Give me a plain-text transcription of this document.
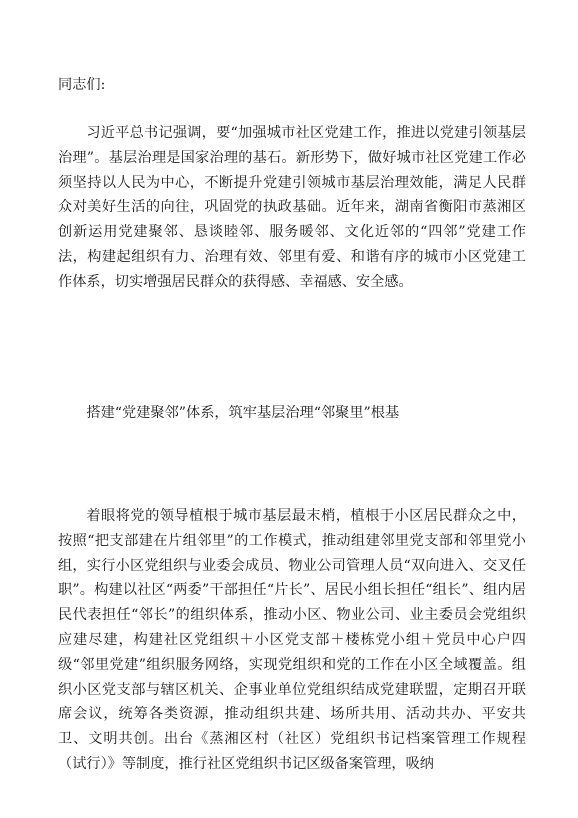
同志们:

习近平总书记强调，要“加强城市社区党建工作，推进以党建引领基层治理”。基层治理是国家治理的基石。新形势下，做好城市社区党建工作必须坚持以人民为中心，不断提升党建引领城市基层治理效能，满足人民群众对美好生活的向往，巩固党的执政基础。近年来，湖南省衡阳市蒸湘区创新运用党建聚邻、恳谈睦邻、服务暖邻、文化近邻的“四邻”党建工作法，构建起组织有力、治理有效、邻里有爱、和谐有序的城市小区党建工作体系，切实增强居民群众的获得感、幸福感、安全感。

搭建“党建聚邻”体系，筑牢基层治理“邻聚里”根基

着眼将党的领导植根于城市基层最末梢，植根于小区居民群众之中，按照“把支部建在片组邻里”的工作模式，推动组建邻里党支部和邻里党小组，实行小区党组织与业委会成员、物业公司管理人员“双向进入、交叉任职”。构建以社区“两委”干部担任“片长”、居民小组长担任“组长”、组内居民代表担任“邻长”的组织体系，推动小区、物业公司、业主委员会党组织应建尽建，构建社区党组织＋小区党支部＋楼栋党小组＋党员中心户四级“邻里党建”组织服务网络，实现党组织和党的工作在小区全域覆盖。组织小区党支部与辖区机关、企事业单位党组织结成党建联盟，定期召开联席会议，统筹各类资源，推动组织共建、场所共用、活动共办、平安共卫、文明共创。出台《蒸湘区村（社区）党组织书记档案管理工作规程（试行）》等制度，推行社区党组织书记区级备案管理，吸纳
